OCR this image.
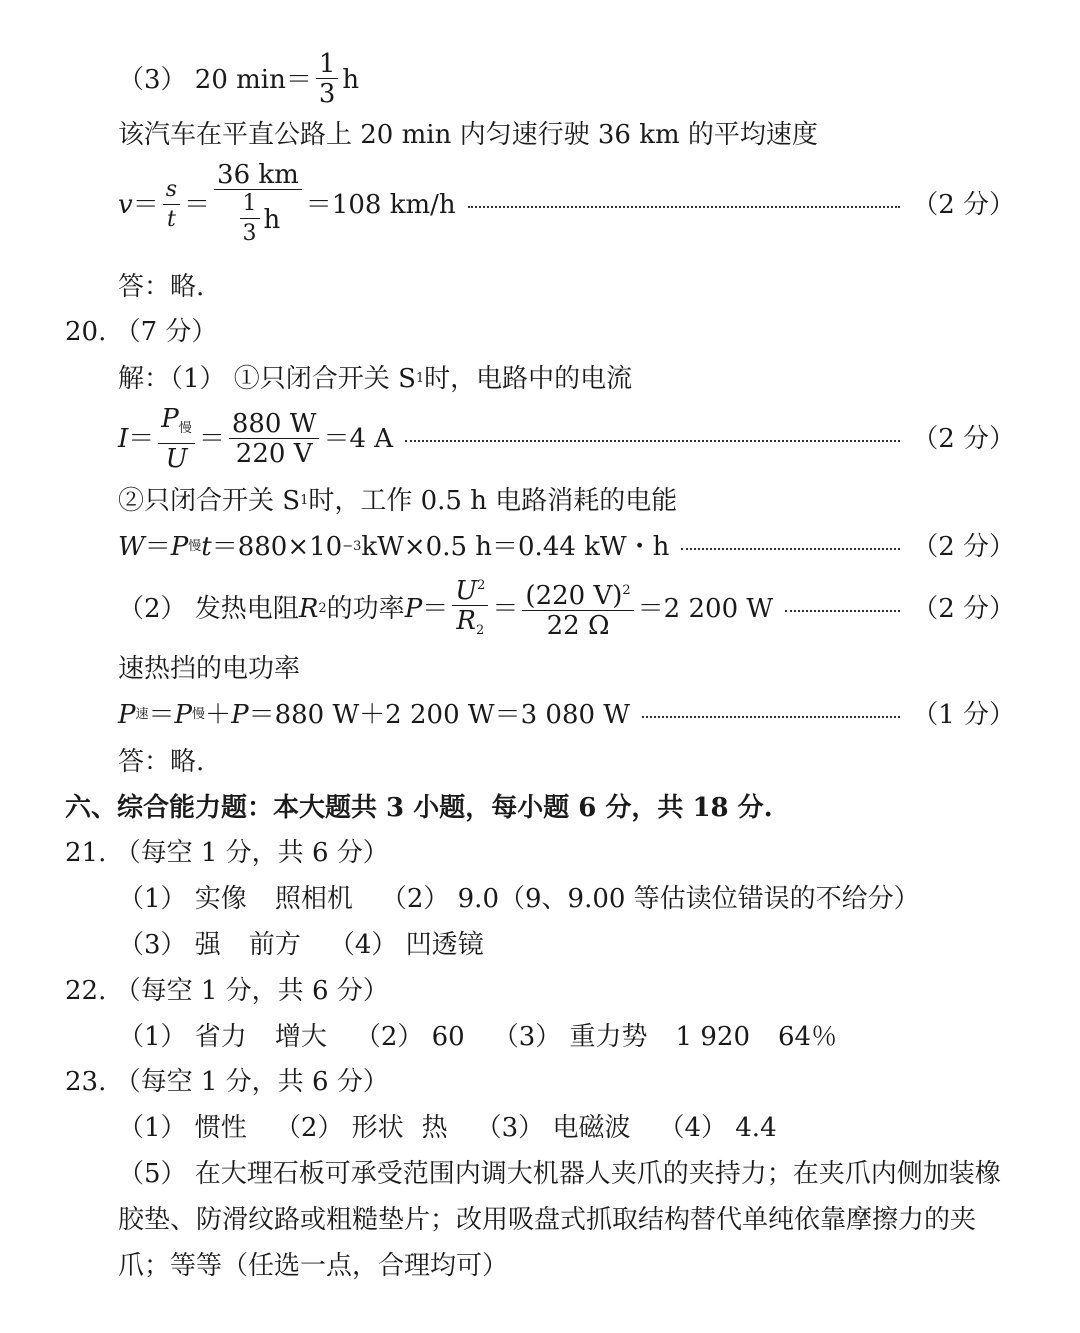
（3） 20 $\min= \frac{1}{3}$ h
该汽车在平直公路上 20 min 内匀速行驶 36 km 的平均速度
$v = \frac{s}{t} = \frac{36 km}{\frac{1}{3} h} =108$ km/h	（2 分）
答：略.
20. （7 分）
解：（1） ①只闭合开关 S 1 时，电路中的电流
$I = \frac{P_慢}{U} = \frac{880 W}{220 V} =4$ A	（2 分）
②只闭合开关 S 1 时，工作 0.5 h 电路消耗的电能
W ＝ P 慢 t ＝880×10 −3 kW×0.5 h＝0.44 kW・h	（2 分）
（2） 发热电阻 R 2 的功率 $P = \frac{U^2}{R_2} = \frac{(220 V)^2}{22 \Omega} =2$ 200 W	（2 分）
速热挡的电功率
P 速 ＝ P 慢 ＋ P ＝880 W＋2 200 W＝3 080 W	（1 分）
答：略.
六、综合能力题：本大题共 3 小题，每小题 6 分，共 18 分.
21. （每空 1 分，共 6 分）
（1） 实像 照相机 （2） 9.0（9、9.00 等估读位错误的不给分）
（3） 强 前方 （4） 凹透镜
22. （每空 1 分，共 6 分）
（1） 省力 增大 （2） 60 （3） 重力势 1 920 64％
23. （每空 1 分，共 6 分）
（1） 惯性 （2） 形状 热 （3） 电磁波 （4） 4.4
（5） 在大理石板可承受范围内调大机器人夹爪的夹持力；在夹爪内侧加装橡
胶垫、防滑纹路或粗糙垫片；改用吸盘式抓取结构替代单纯依靠摩擦力的夹
爪；等等（任选一点，合理均可）
